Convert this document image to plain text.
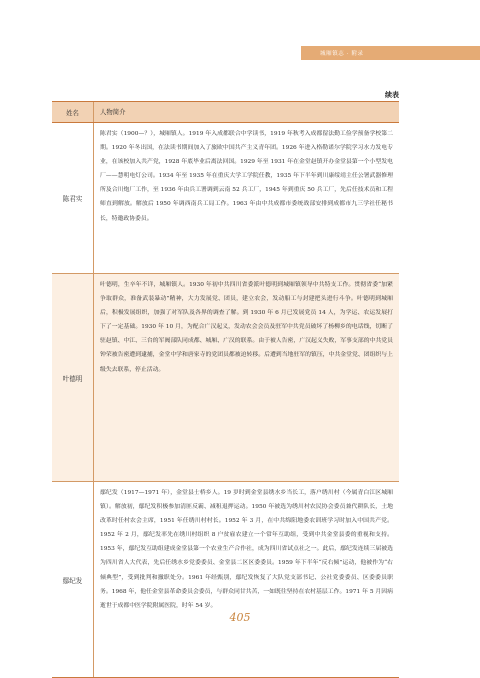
城厢镇志 · 附录
续表
姓名	人物简介
陈君实
陈君实（1900—？），城厢镇人。1919 年入成都联合中学读书，1919 年秋考入成都留法勤工俭学预备学校第二期。1920 年冬出国，在法读书期间加入了旅欧中国共产主义青年团。1926 年进入格勒诺尔学院学习水力发电专业，在该校加入共产党，1928 年底毕业后离法回国。1929 年至 1931 年在金堂赵镇开办金堂县第一个小型发电厂——慧明电灯公司。1934 年至 1935 年在重庆大学工学院任教，1935 年下半年到川康绥靖主任公署武器修理所及合川炮厂工作，至 1936 年由兵工署调到云南 52 兵工厂，1945 年到重庆 50 兵工厂，先后任技术员和工程师直到解放。解放后 1950 年调西南兵工局工作。1963 年由中共成都市委统战部安排到成都市九三学社任秘书长，特邀政协委员。
叶德明
叶德明，生卒年不详，城厢镇人。1930 年初中共四川省委派叶德明到城厢镇领导中共特支工作。贯彻省委“加紧争取群众，准备武装暴动”精神，大力发展党、团员，建立农会，发动船工与封建把头进行斗争。叶德明到城厢后，积极发展组织，加强了对军队及各界的调查了解。到 1930 年 6 月已发展党员 14 人，为学运、农运发展打下了一定基础。1930 年 10 月，为配合广汉起义，发动农会会员及驻军中共党员破坏了杨柳乡的电话线，切断了驻赵镇、中江、三台的军阀部队同成都、城厢、广汉的联系。由于被人告密，广汉起义失败，军事支部的中共党员钟荣被告密遭到逮捕，金堂中学和唐家寺的党团员都被迫转移。后遭到当地驻军的镇压，中共金堂党、团组织与上级失去联系，停止活动。
鄢纪发
鄢纪发（1917—1971 年），金堂县士桥乡人。19 岁时到金堂县绣水乡当长工，落户绣川村（今属青白江区城厢镇）。解放初，鄢纪发积极参加清匪反霸、减租退押运动。1950 年被选为绣川村农民协会委员兼代耕队长，土地改革时任村农会主席，1951 年任绣川村村长。1952 年 3 月，在中共绵阳地委农训班学习时加入中国共产党。1952 年 2 月，鄢纪发率先在绣川村组织 8 户贫雇农建立一个常年互助组，受到中共金堂县委的重视和支持。1953 年，鄢纪发互助组建成金堂县第一个农业生产合作社，成为四川省试点社之一。此后，鄢纪发连续三届被选为四川省人大代表，先后任绣水乡党委委员、金堂县二区区委委员。1959 年下半年“反右倾”运动，他被作为“右倾典型”，受到批判和撤职处分。1961 年经甄别，鄢纪发恢复了大队党支部书记、公社党委委员、区委委员职务。1968 年，他任金堂县革命委员会委员，与群众同甘共苦，一如既往坚持在农村基层工作。1971 年 5 月因病逝世于成都中医学院附属医院，时年 54 岁。
405
